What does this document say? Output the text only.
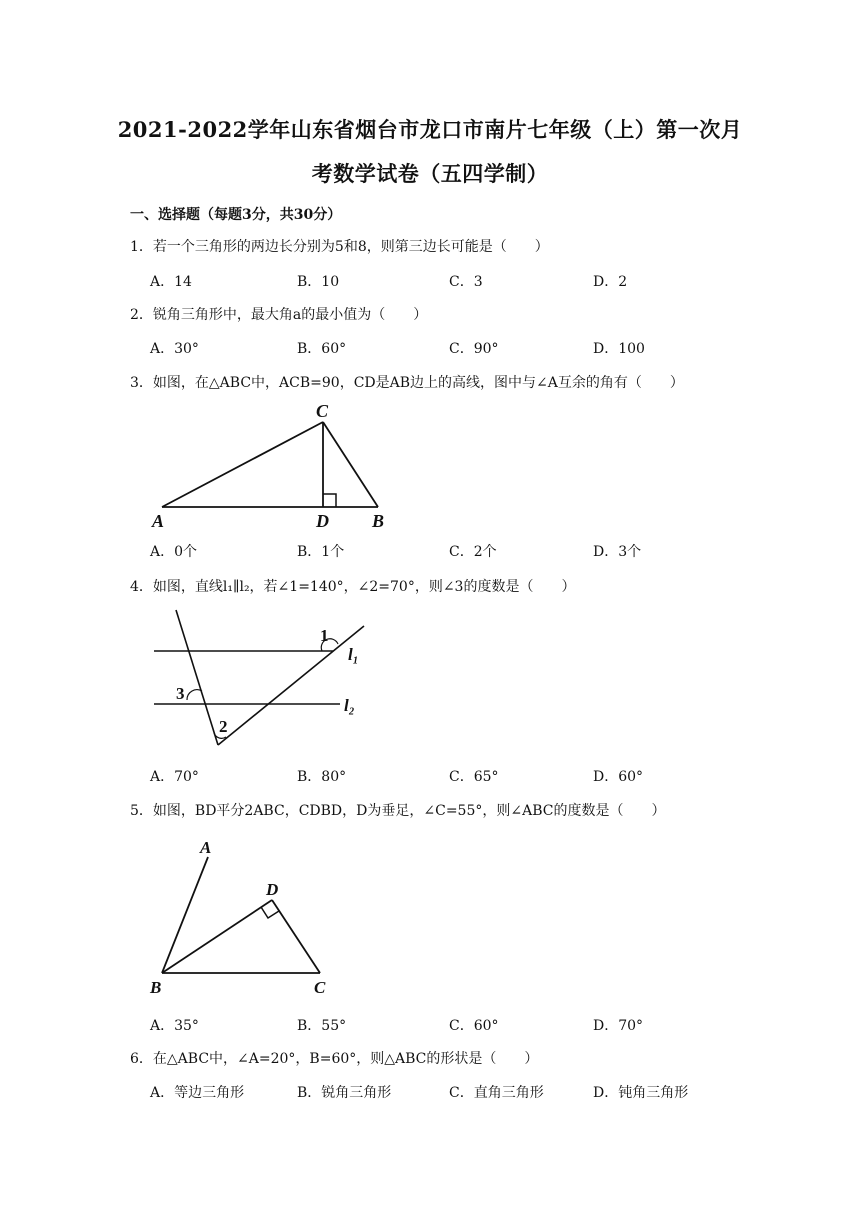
2021-2022学年山东省烟台市龙口市南片七年级（上）第一次月
考数学试卷（五四学制）
一、选择题（每题3分，共30分）
1．若一个三角形的两边长分别为5和8，则第三边长可能是（　　）
A．14	B．10	C．3	D．2
2．锐角三角形中，最大角a的最小值为（　　）
A．30°	B．60°	C．90°	D．100
3．如图，在△ABC中，ACB=90，CD是AB边上的高线，图中与∠A互余的角有（　　）
C
A	D B
A．0个	B．1个	C．2个	D．3个
4．如图，直线l₁∥l₂，若∠1=140°，∠2=70°，则∠3的度数是（　　）
1
3
2
l₁
l₂
A．70°	B．80°	C．65°	D．60°
5．如图，BD平分2ABC，CDBD，D为垂足，∠C=55°，则∠ABC的度数是（　　）
A
D
B	C
A．35°	B．55°	C．60°	D．70°
6．在△ABC中，∠A=20°，B=60°，则△ABC的形状是（　　）
A．等边三角形	B．锐角三角形	C．直角三角形	D．钝角三角形
